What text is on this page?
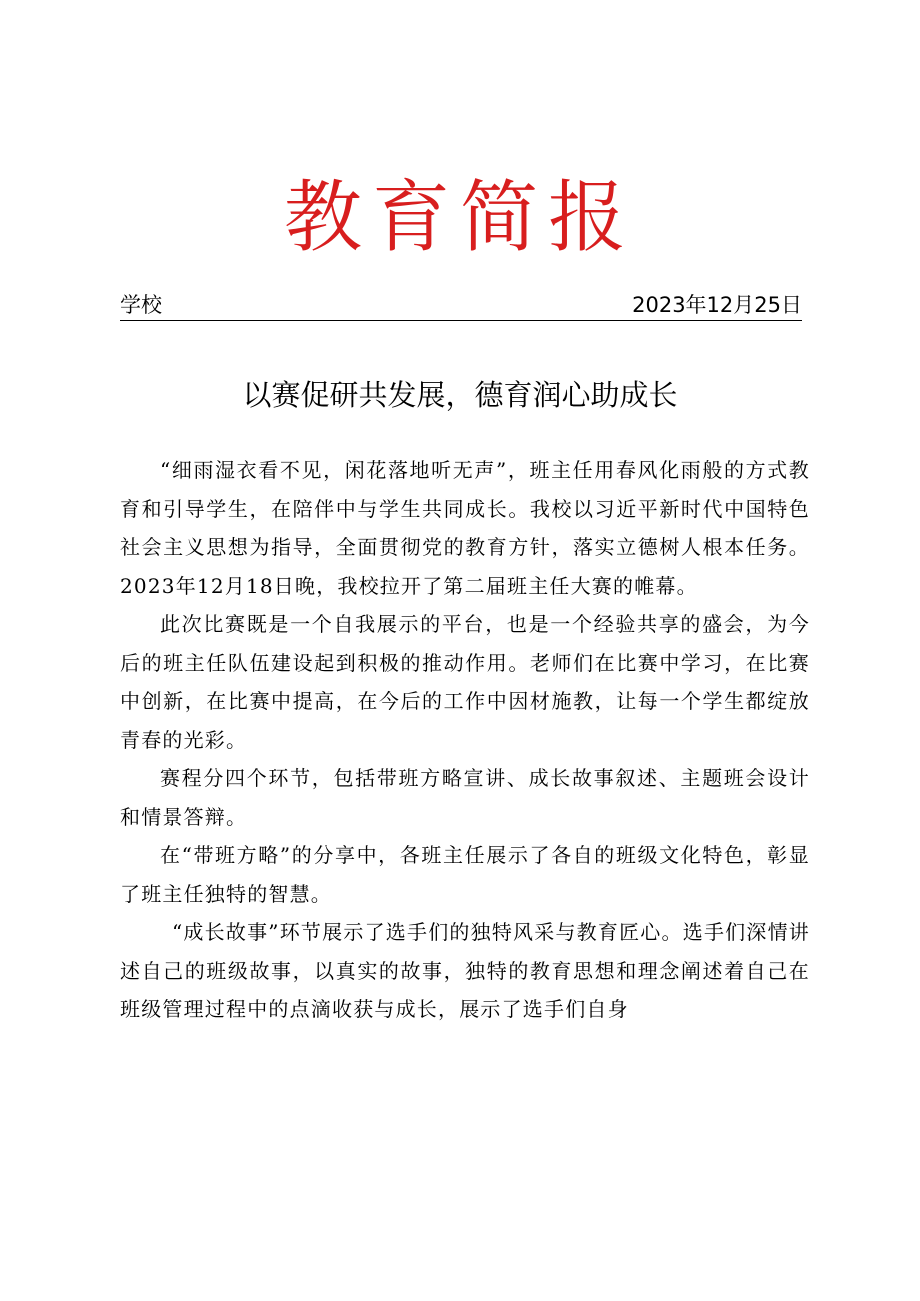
教育简报
学校	2023年12月25日
以赛促研共发展，德育润心助成长

“细雨湿衣看不见，闲花落地听无声”，班主任用春风化雨般的方式教育和引导学生，在陪伴中与学生共同成长。我校以习近平新时代中国特色社会主义思想为指导，全面贯彻党的教育方针，落实立德树人根本任务。2023年12月18日晚，我校拉开了第二届班主任大赛的帷幕。

此次比赛既是一个自我展示的平台，也是一个经验共享的盛会，为今后的班主任队伍建设起到积极的推动作用。老师们在比赛中学习，在比赛中创新，在比赛中提高，在今后的工作中因材施教，让每一个学生都绽放青春的光彩。

赛程分四个环节，包括带班方略宣讲、成长故事叙述、主题班会设计和情景答辩。

在“带班方略”的分享中，各班主任展示了各自的班级文化特色，彰显了班主任独特的智慧。

“成长故事”环节展示了选手们的独特风采与教育匠心。选手们深情讲述自己的班级故事，以真实的故事，独特的教育思想和理念阐述着自己在班级管理过程中的点滴收获与成长，展示了选手们自身
